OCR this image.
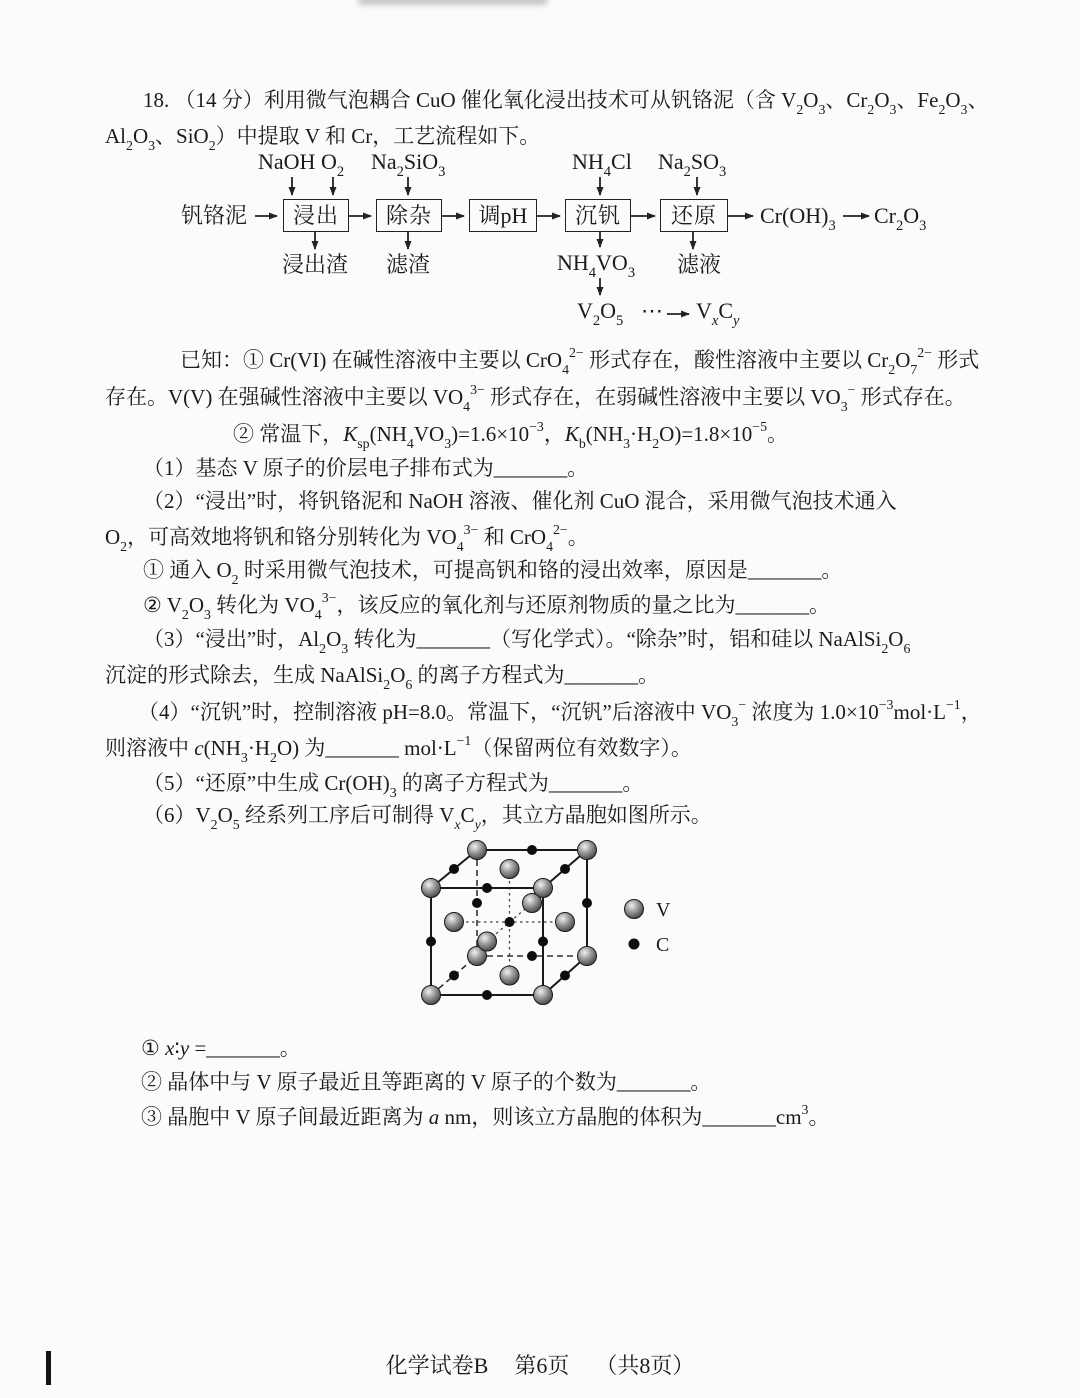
18. （14 分）利用微气泡耦合 CuO 催化氧化浸出技术可从钒铬泥（含 $V_2O_3$、$Cr_2O_3$、$Fe_2O_3$、
$Al_2O_3$、SiO$_2$）中提取 V 和 Cr，工艺流程如下。
钒铬泥	浸出	除杂	调pH	沉钒	还原
NaOH $O_2$ $Na_2SiO_3$	$NH_4Cl$ $Na_2SO_3$
浸出渣 滤渣	$NH_4VO_3$ 滤液
$Cr(OH)_3$ $Cr_2O_3$
$V_2O_5$ ⋯ $V_xC_y$
已知：① Cr(VI) 在碱性溶液中主要以 CrO$_4^{2-}$ 形式存在，酸性溶液中主要以 $Cr_2O_7^{2-}$ 形式
存在。V(V) 在强碱性溶液中主要以 $VO_4^{3-}$ 形式存在，在弱碱性溶液中主要以 $VO_3^-$ 形式存在。
② 常温下，$K_{sp}(NH_4VO_3)=1.6\times 10^{-3}$，$K_b(NH_3\cdot H_2O)=1.8\times 10^{-5}$。
（1）基态 V 原子的价层电子排布式为_______。
（2）“浸出”时，将钒铬泥和 NaOH 溶液、催化剂 CuO 混合，采用微气泡技术通入
$O_2$，可高效地将钒和铬分别转化为 $VO_4^{3-}$ 和 CrO$_4^{2-}$。
① 通入 $O_2$ 时采用微气泡技术，可提高钒和铬的浸出效率，原因是_______。
② $V_2O_3$ 转化为 $VO_4^{3-}$，该反应的氧化剂与还原剂物质的量之比为_______。
（3）“浸出”时，$Al_2O_3$ 转化为_______（写化学式）。“除杂”时，铝和硅以 $NaAlSi_2O_6$
沉淀的形式除去，生成 $NaAlSi_2O_6$ 的离子方程式为_______。
（4）“沉钒”时，控制溶液 pH=8.0。常温下，“沉钒”后溶液中 $VO_3^-$ 浓度为 $1.0\times 10^{-3}mol\cdot L^{-1}$，
则溶液中 $c(NH_3\cdot H_2O)$ 为_______ $mol\cdot L^{-1}$（保留两位有效数字）。
（5）“还原”中生成 $Cr(OH)_3$ 的离子方程式为_______。
$(6)V_2O_5$ 经系列工序后可制得 $V_xC_y$，其立方晶胞如图所示。
V
C
① x∶y =_______。
② 晶体中与 V 原子最近且等距离的 V 原子的个数为_______。
③ 晶胞中 V 原子间最近距离为 a nm，则该立方晶胞的体积为$\_\_\_\_\_\_\_cm^3$。
化学试卷B 第6页 （共8页）
